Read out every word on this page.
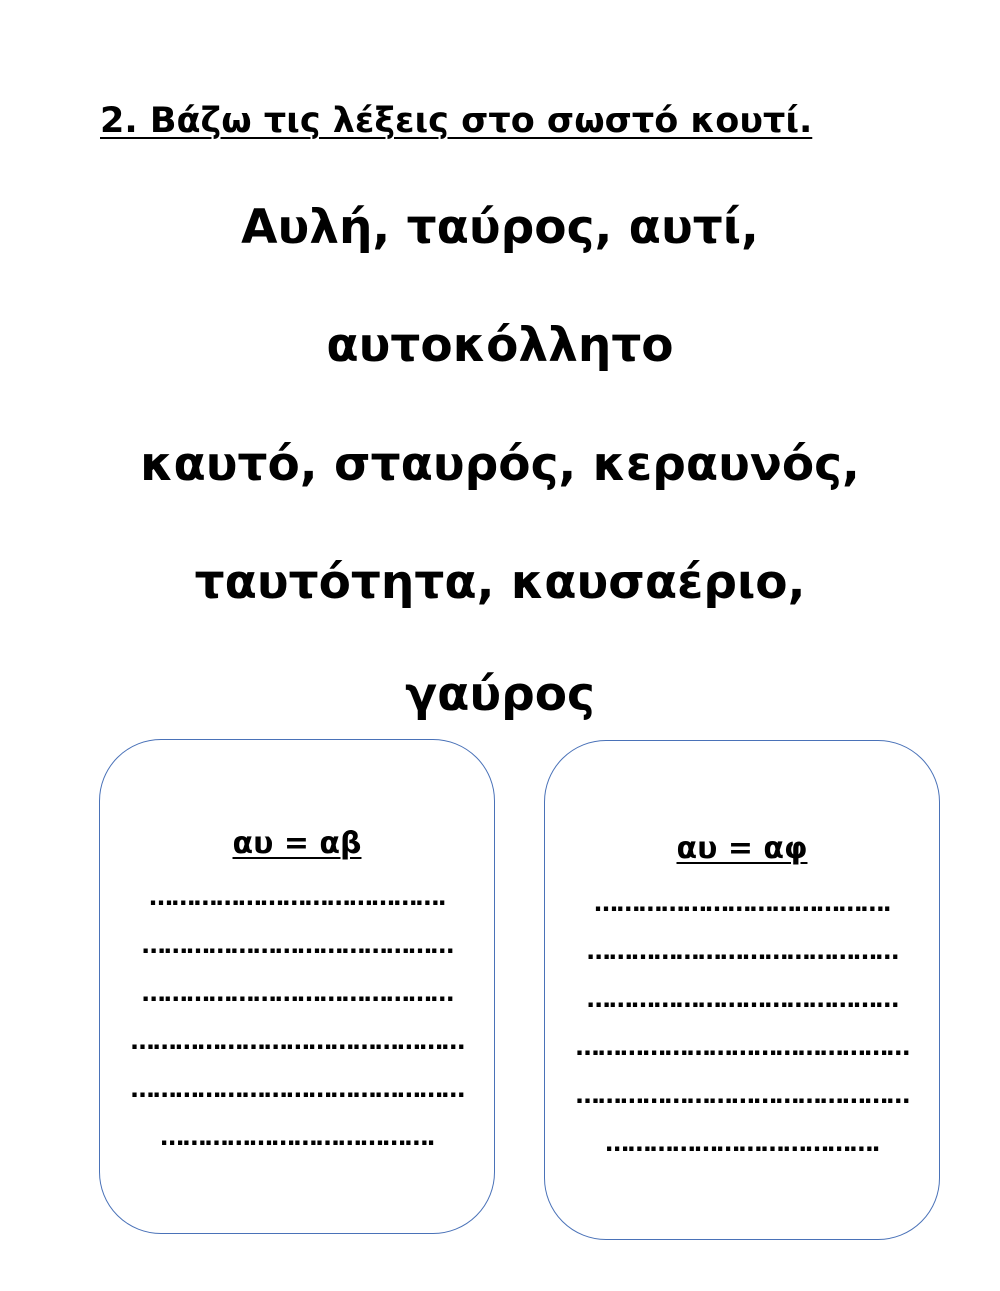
2. Βάζω τις λέξεις στο σωστό κουτί.
Αυλή, ταύρος, αυτί,
αυτοκόλλητο
καυτό, σταυρός, κεραυνός,
ταυτότητα, καυσαέριο,
γαύρος
αυ = αβ
………………………………….
……………………………………
……………………………………
………………………………………
………………………………………
……………………………….
αυ = αφ
………………………………….
……………………………………
……………………………………
………………………………………
………………………………………
……………………………….
